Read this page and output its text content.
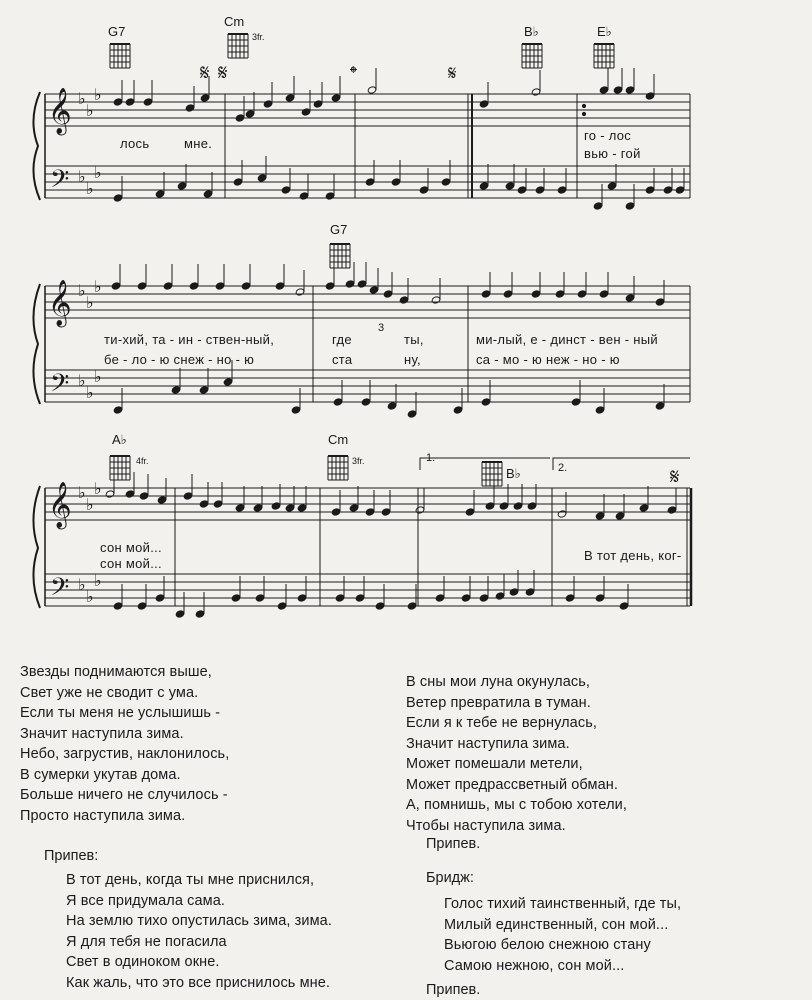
𝄞
𝄢
𝄞
𝄢
𝄞
𝄢
♭
♭
♭
♭
♭
♭
♭
♭
♭
♭
♭
♭
♭
♭
♭
♭
♭
♭
𝄋 𝄋	𝄌	𝄋
𝄋
G7
Cm
3fr.	B♭	E♭
G7
A♭
4fr.
Cm
3fr.
B♭
1.
2.
3
лось	мне.
го - лос
вью - гой
ти-хий, та - ин - ствен-ный,	где	ты,	ми-лый, е - динст - вен - ный
бе - ло - ю снеж - но - ю	ста	ну,	са - мо - ю неж - но - ю
сон мой...
В тот день, ког-
сон мой...
Звезды поднимаются выше,
Свет уже не сводит с ума.
Если ты меня не услышишь -
Значит наступила зима.
Небо, загрустив, наклонилось,
В сумерки укутав дома.
Больше ничего не случилось -
Просто наступила зима.
Припев:
В тот день, когда ты мне приснился,
Я все придумала сама.
На землю тихо опустилась зима, зима.
Я для тебя не погасила
Свет в одиноком окне.
Как жаль, что это все приснилось мне.
В сны мои луна окунулась,
Ветер превратила в туман.
Если я к тебе не вернулась,
Значит наступила зима.
Может помешали метели,
Может предрассветный обман.
А, помнишь, мы с тобою хотели,
Чтобы наступила зима.
Припев.
Бридж:
Голос тихий таинственный, где ты,
Милый единственный, сон мой...
Вьюгою белою снежною стану
Самою нежною, сон мой...
Припев.
